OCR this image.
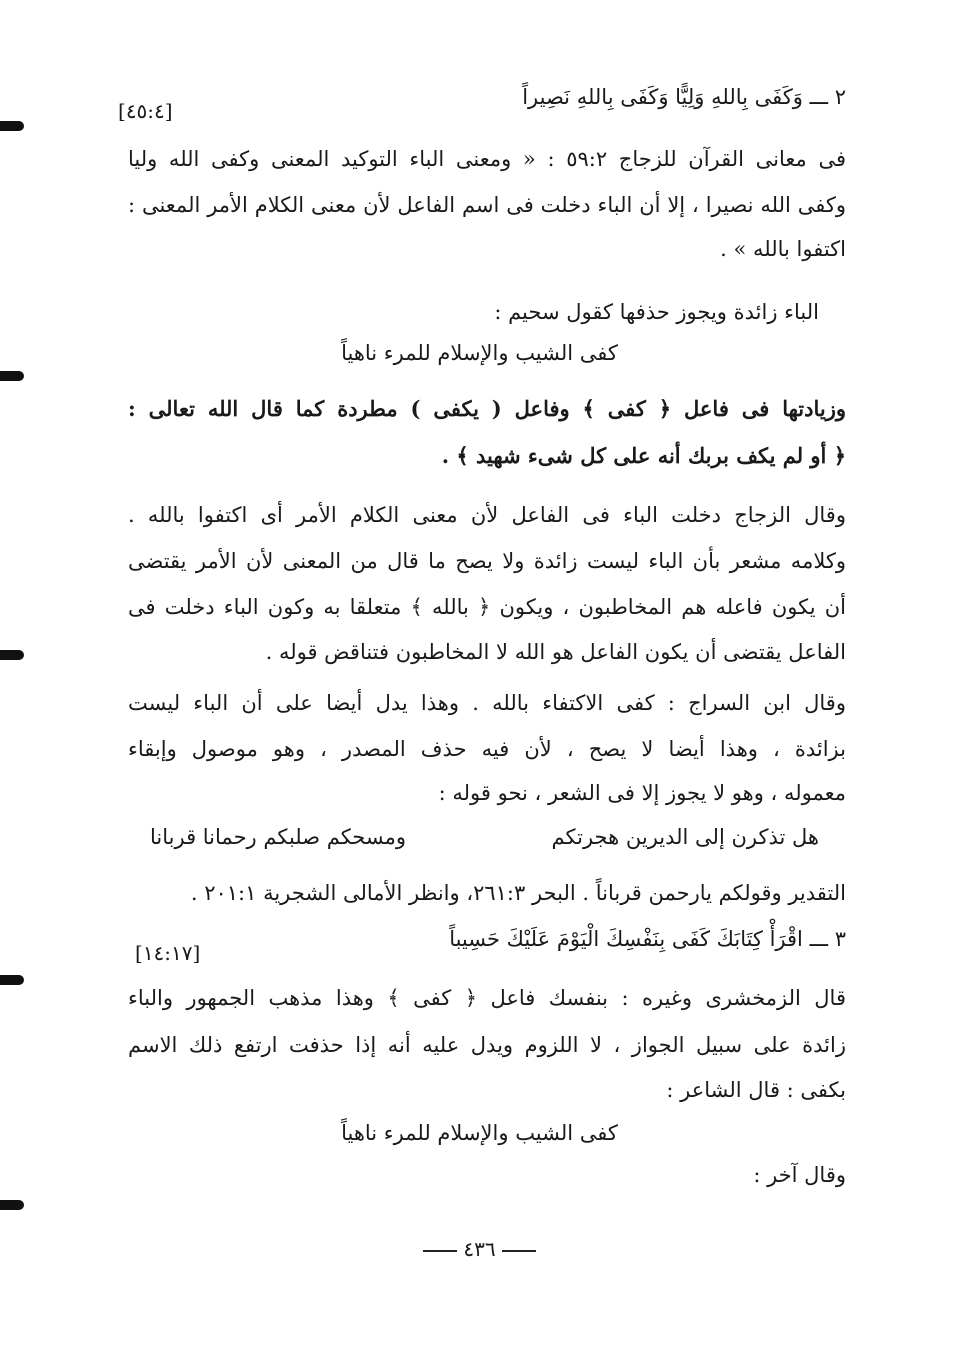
٢ ـــ وَكَفَى بِاللهِ وَلِيًّا وَكَفَى بِاللهِ نَصِيراً
[٤٥:٤]
فى معانى القرآن للزجاج ٥٩:٢ : « ومعنى الباء التوكيد المعنى وكفى الله وليا
وكفى الله نصيرا ، إلا أن الباء دخلت فى اسم الفاعل لأن معنى الكلام الأمر المعنى :
اكتفوا بالله » .
الباء زائدة ويجوز حذفها كقول سحيم :
كفى الشيب والإسلام للمرء ناهياً
وزيادتها فى فاعل ﴿ كفى ﴾ وفاعل ( يكفى ) مطردة كما قال الله تعالى :
﴿ أو لم يكف بربك أنه على كل شىء شهيد ﴾ .
وقال الزجاج دخلت الباء فى الفاعل لأن معنى الكلام الأمر أى اكتفوا بالله .
وكلامه مشعر بأن الباء ليست زائدة ولا يصح ما قال من المعنى لأن الأمر يقتضى
أن يكون فاعله هم المخاطبون ، ويكون ﴿ بالله ﴾ متعلقا به وكون الباء دخلت فى
الفاعل يقتضى أن يكون الفاعل هو الله لا المخاطبون فتناقض قوله .
وقال ابن السراج : كفى الاكتفاء بالله . وهذا يدل أيضا على أن الباء ليست
بزائدة ، وهذا أيضا لا يصح ، لأن فيه حذف المصدر ، وهو موصول وإبقاء
معموله ، وهو لا يجوز إلا فى الشعر ، نحو قوله :
هل تذكرن إلى الديرين هجرتكم
ومسحكم صلبكم رحمانا قربانا
التقدير وقولكم يارحمن قرباناً . البحر ٢٦١:٣، وانظر الأمالى الشجرية ٢٠١:١ .
٣ ـــ اقْرَأْ كِتَابَكَ كَفَى بِنَفْسِكَ الْيَوْمَ عَلَيْكَ حَسِيباً
[١٤:١٧]
قال الزمخشرى وغيره : بنفسك فاعل ﴿ كفى ﴾ وهذا مذهب الجمهور والباء
زائدة على سبيل الجواز ، لا اللزوم ويدل عليه أنه إذا حذفت ارتفع ذلك الاسم
بكفى : قال الشاعر :
كفى الشيب والإسلام للمرء ناهياً
وقال آخر :
٤٣٦
